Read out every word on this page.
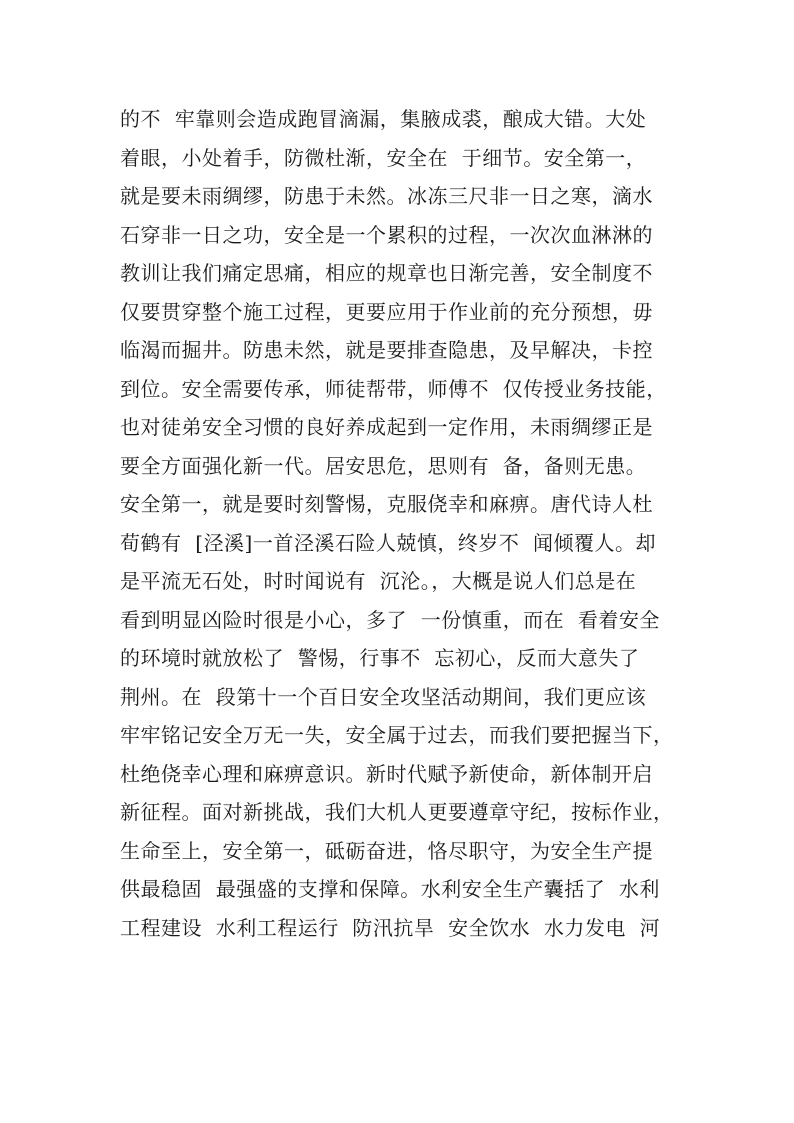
的不  牢靠则会造成跑冒滴漏，集腋成裘，酿成大错。大处
着眼，小处着手，防微杜渐，安全在  于细节。安全第一，
就是要未雨绸缪，防患于未然。冰冻三尺非一日之寒，滴水
石穿非一日之功，安全是一个累积的过程，一次次血淋淋的
教训让我们痛定思痛，相应的规章也日渐完善，安全制度不
仅要贯穿整个施工过程，更要应用于作业前的充分预想，毋
临渴而掘井。防患未然，就是要排查隐患，及早解决，卡控
到位。安全需要传承，师徒帮带，师傅不  仅传授业务技能，
也对徒弟安全习惯的良好养成起到一定作用，未雨绸缪正是
要全方面强化新一代。居安思危，思则有  备，备则无患。
安全第一，就是要时刻警惕，克服侥幸和麻痹。唐代诗人杜
荀鹤有  [泾溪]一首泾溪石险人兢慎，终岁不  闻倾覆人。却
是平流无石处，时时闻说有  沉沦。，大概是说人们总是在
看到明显凶险时很是小心，多了  一份慎重，而在  看着安全
的环境时就放松了  警惕，行事不  忘初心，反而大意失了
荆州。在  段第十一个百日安全攻坚活动期间，我们更应该
牢牢铭记安全万无一失，安全属于过去，而我们要把握当下，
杜绝侥幸心理和麻痹意识。新时代赋予新使命，新体制开启
新征程。面对新挑战，我们大机人更要遵章守纪，按标作业，
生命至上，安全第一，砥砺奋进，恪尽职守，为安全生产提
供最稳固  最强盛的支撑和保障。水利安全生产囊括了  水利
工程建设  水利工程运行  防汛抗旱  安全饮水  水力发电  河
